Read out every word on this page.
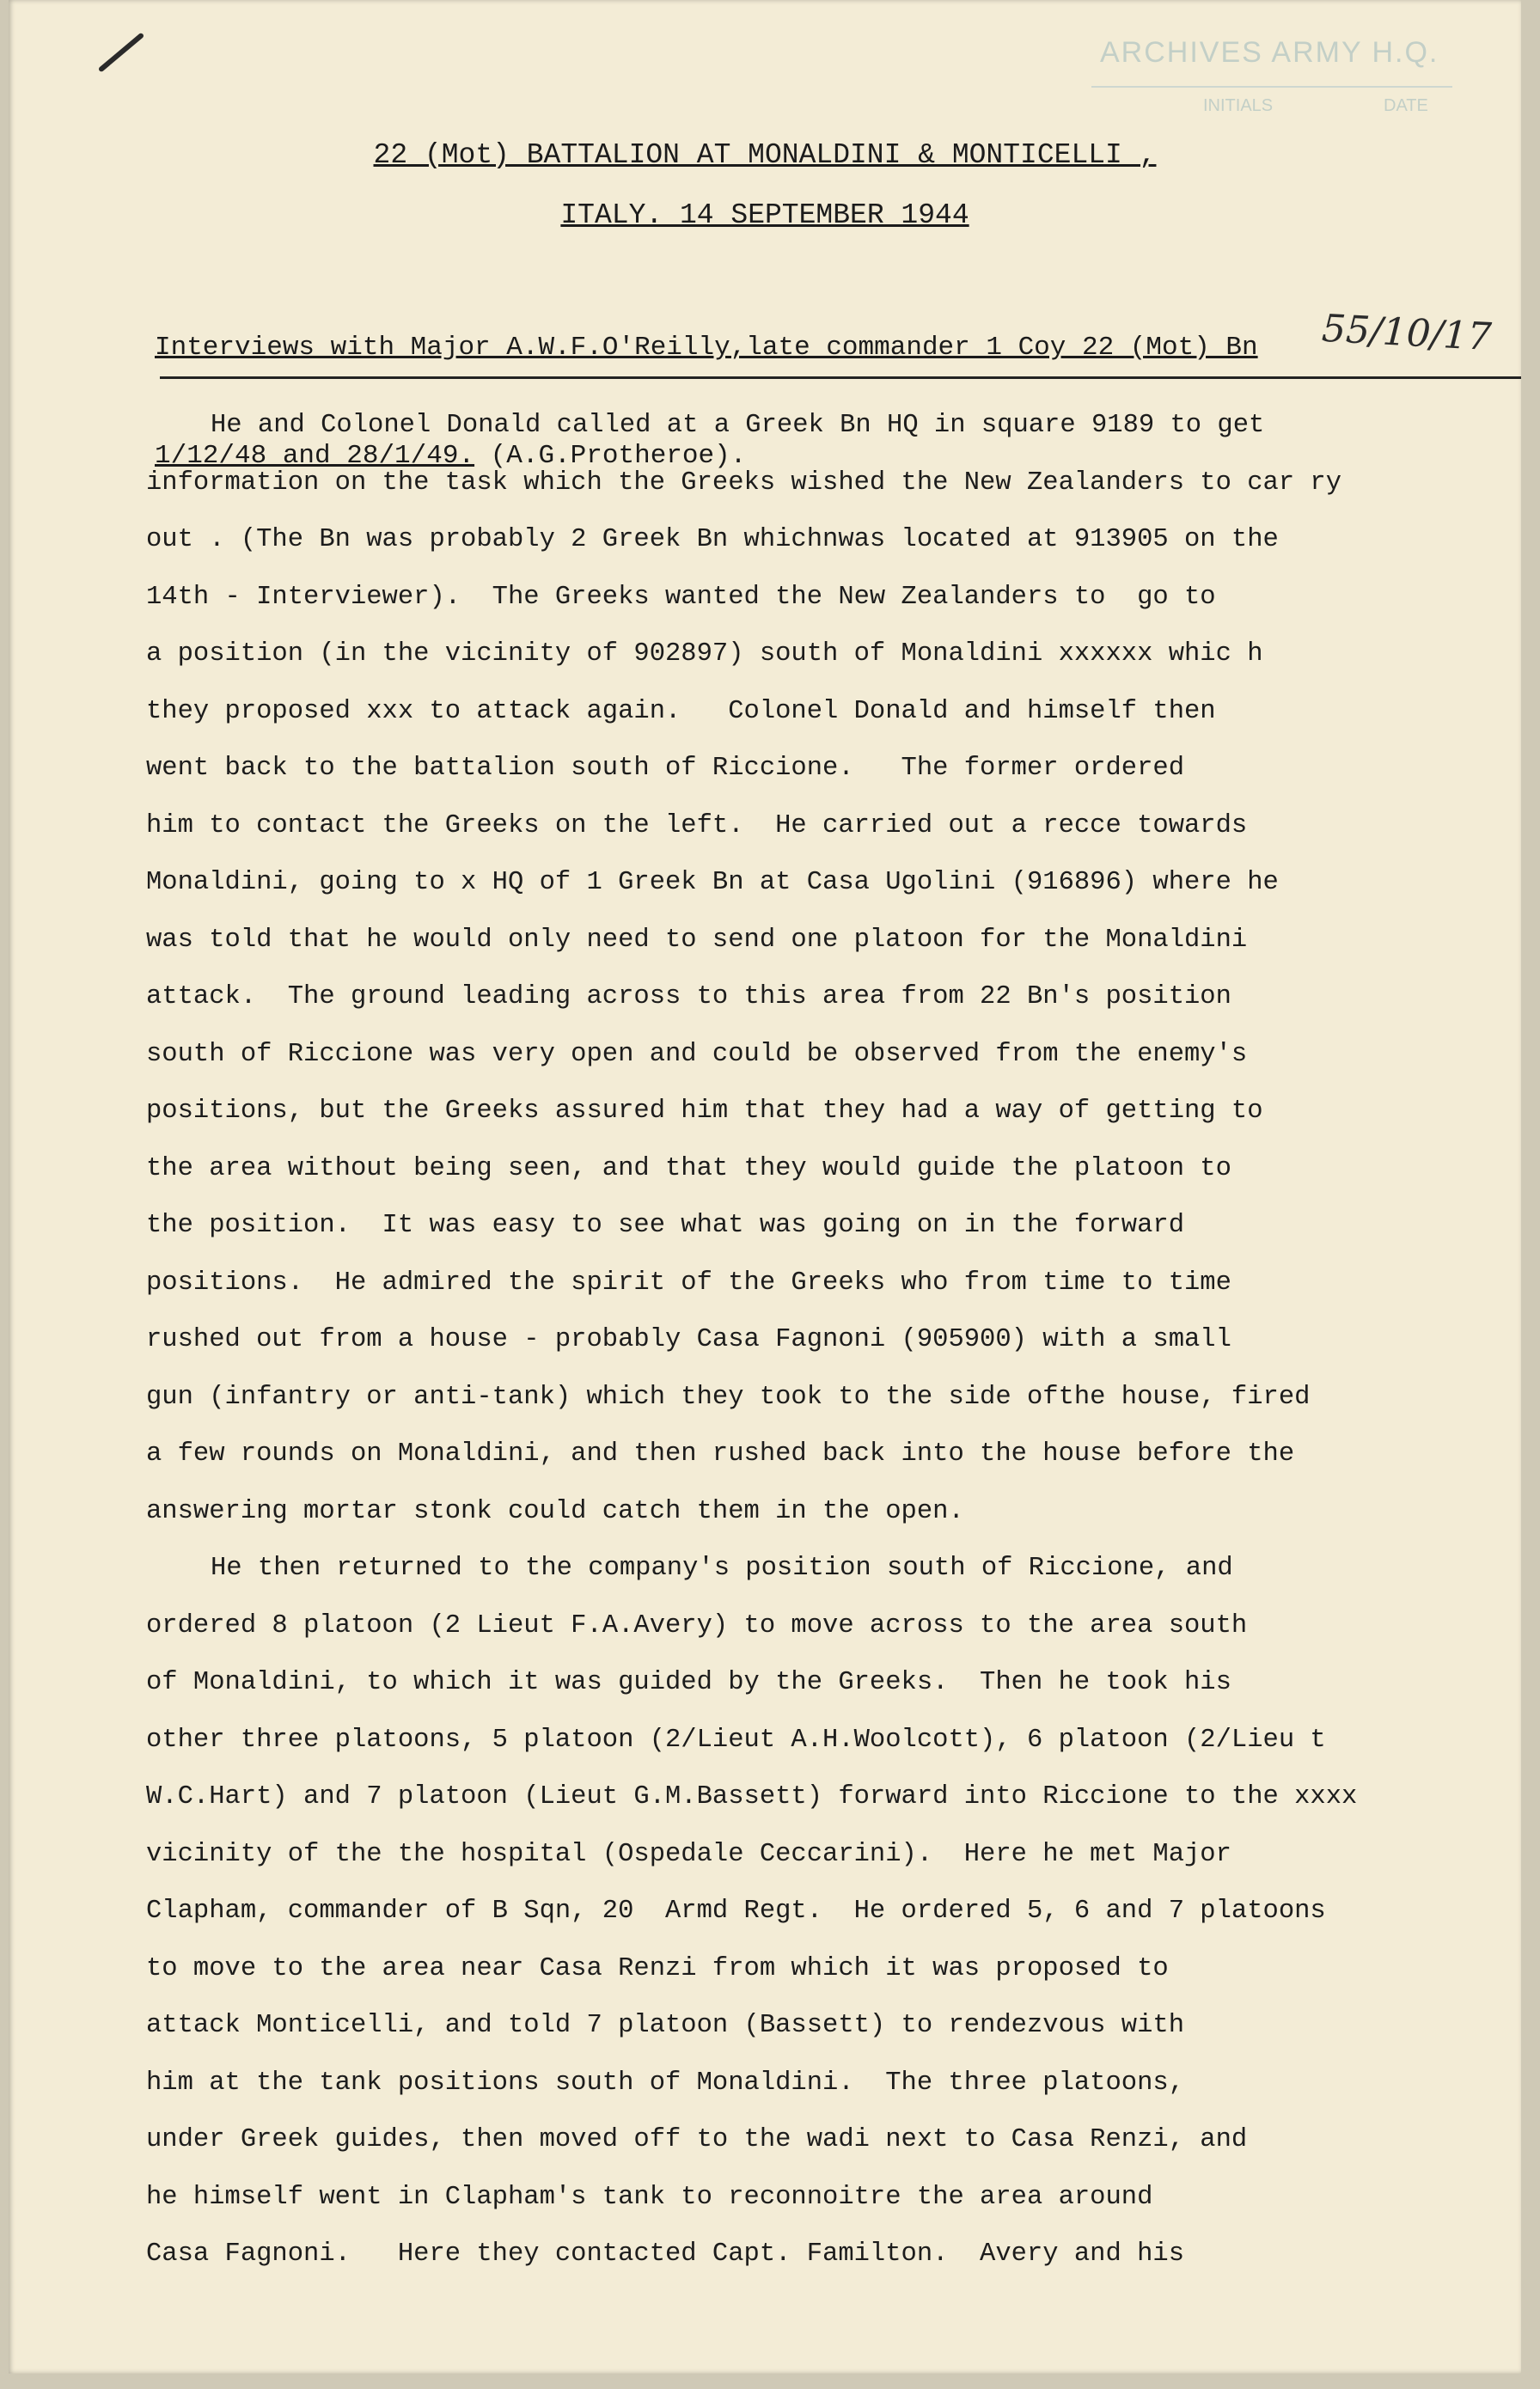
ARCHIVES ARMY H.Q.
INITIALS	DATE
22 (Mot) BATTALION AT MONALDINI & MONTICELLI ,
ITALY. 14 SEPTEMBER 1944

Interviews with Major A.W.F.O'Reilly,late commander 1 Coy 22 (Mot) Bn

1/12/48 and 28/1/49. (A.G.Protheroe).

55/10/17
He and Colonel Donald called at a Greek Bn HQ in square 9189 to get
information on the task which the Greeks wished the New Zealanders to car ry
out . (The Bn was probably 2 Greek Bn whichnwas located at 913905 on the
14th - Interviewer).  The Greeks wanted the New Zealanders to  go to
a position (in the vicinity of 902897) south of Monaldini xxxxxx whic h
they proposed xxx to attack again.   Colonel Donald and himself then
went back to the battalion south of Riccione.   The former ordered
him to contact the Greeks on the left.  He carried out a recce towards
Monaldini, going to x HQ of 1 Greek Bn at Casa Ugolini (916896) where he
was told that he would only need to send one platoon for the Monaldini
attack.  The ground leading across to this area from 22 Bn's position
south of Riccione was very open and could be observed from the enemy's
positions, but the Greeks assured him that they had a way of getting to
the area without being seen, and that they would guide the platoon to
the position.  It was easy to see what was going on in the forward
positions.  He admired the spirit of the Greeks who from time to time
rushed out from a house - probably Casa Fagnoni (905900) with a small
gun (infantry or anti-tank) which they took to the side ofthe house, fired
a few rounds on Monaldini, and then rushed back into the house before the
answering mortar stonk could catch them in the open.
He then returned to the company's position south of Riccione, and
ordered 8 platoon (2 Lieut F.A.Avery) to move across to the area south
of Monaldini, to which it was guided by the Greeks.  Then he took his
other three platoons, 5 platoon (2/Lieut A.H.Woolcott), 6 platoon (2/Lieu t
W.C.Hart) and 7 platoon (Lieut G.M.Bassett) forward into Riccione to the xxxx
vicinity of the the hospital (Ospedale Ceccarini).  Here he met Major
Clapham, commander of B Sqn, 20  Armd Regt.  He ordered 5, 6 and 7 platoons
to move to the area near Casa Renzi from which it was proposed to
attack Monticelli, and told 7 platoon (Bassett) to rendezvous with
him at the tank positions south of Monaldini.  The three platoons,
under Greek guides, then moved off to the wadi next to Casa Renzi, and
he himself went in Clapham's tank to reconnoitre the area around
Casa Fagnoni.   Here they contacted Capt. Familton.  Avery and his
